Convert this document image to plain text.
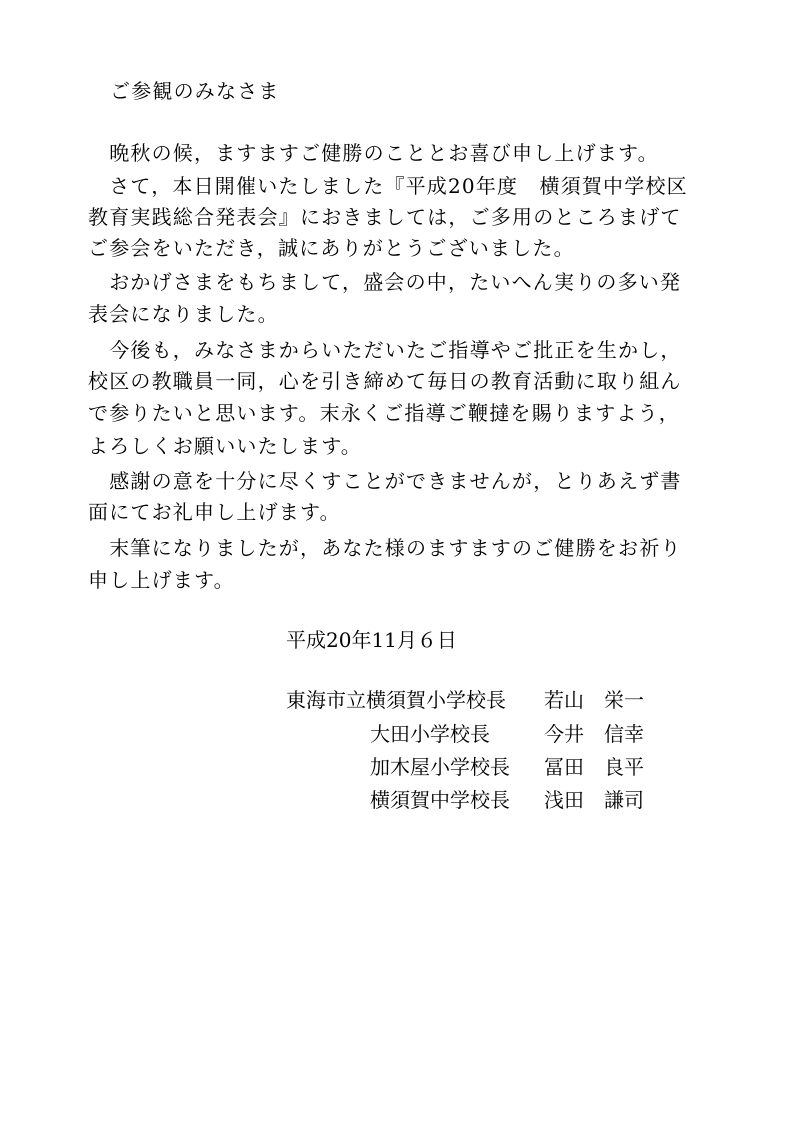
ご参観のみなさま
　晩秋の候，ますますご健勝のこととお喜び申し上げます。
　さて，本日開催いたしました『平成20年度　横須賀中学校区
教育実践総合発表会』におきましては，ご多用のところまげて
ご参会をいただき，誠にありがとうございました。
　おかげさまをもちまして，盛会の中，たいへん実りの多い発
表会になりました。
　今後も，みなさまからいただいたご指導やご批正を生かし，
校区の教職員一同，心を引き締めて毎日の教育活動に取り組ん
で参りたいと思います。末永くご指導ご鞭撻を賜りますよう，
よろしくお願いいたします。
　感謝の意を十分に尽くすことができませんが，とりあえず書
面にてお礼申し上げます。
　末筆になりましたが，あなた様のますますのご健勝をお祈り
申し上げます。
平成20年11月６日
東海市立横須賀小学校長 若山　栄一
大田小学校長	今井　信幸
加木屋小学校長 冨田　良平
横須賀中学校長 浅田　謙司
